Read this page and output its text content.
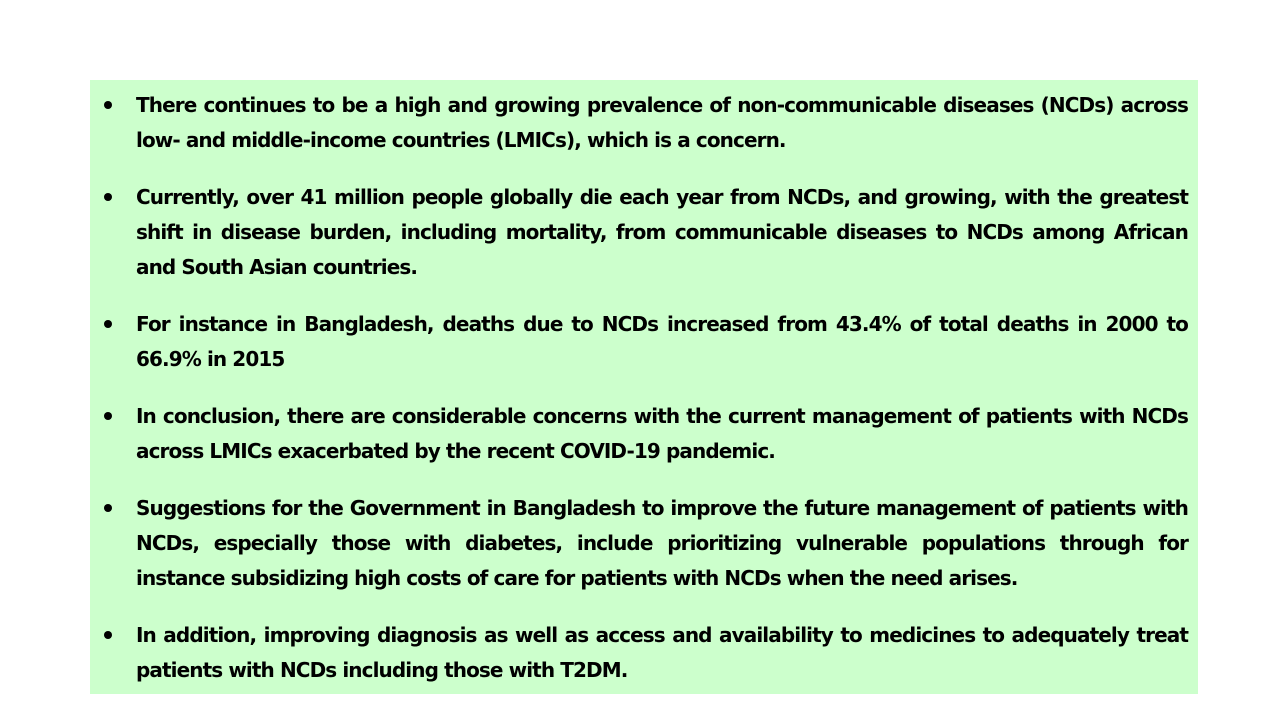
There continues to be a high and growing prevalence of non-communicable diseases (NCDs) across low- and middle-income countries (LMICs), which is a concern.
Currently, over 41 million people globally die each year from NCDs, and growing, with the greatest shift in disease burden, including mortality, from communicable diseases to NCDs among African and South Asian countries.
For instance in Bangladesh, deaths due to NCDs increased from 43.4% of total deaths in 2000 to 66.9% in 2015
In conclusion, there are considerable concerns with the current management of patients with NCDs across LMICs exacerbated by the recent COVID-19 pandemic.
Suggestions for the Government in Bangladesh to improve the future management of patients with NCDs, especially those with diabetes, include prioritizing vulnerable populations through for instance subsidizing high costs of care for patients with NCDs when the need arises.
In addition, improving diagnosis as well as access and availability to medicines to adequately treat patients with NCDs including those with T2DM.
